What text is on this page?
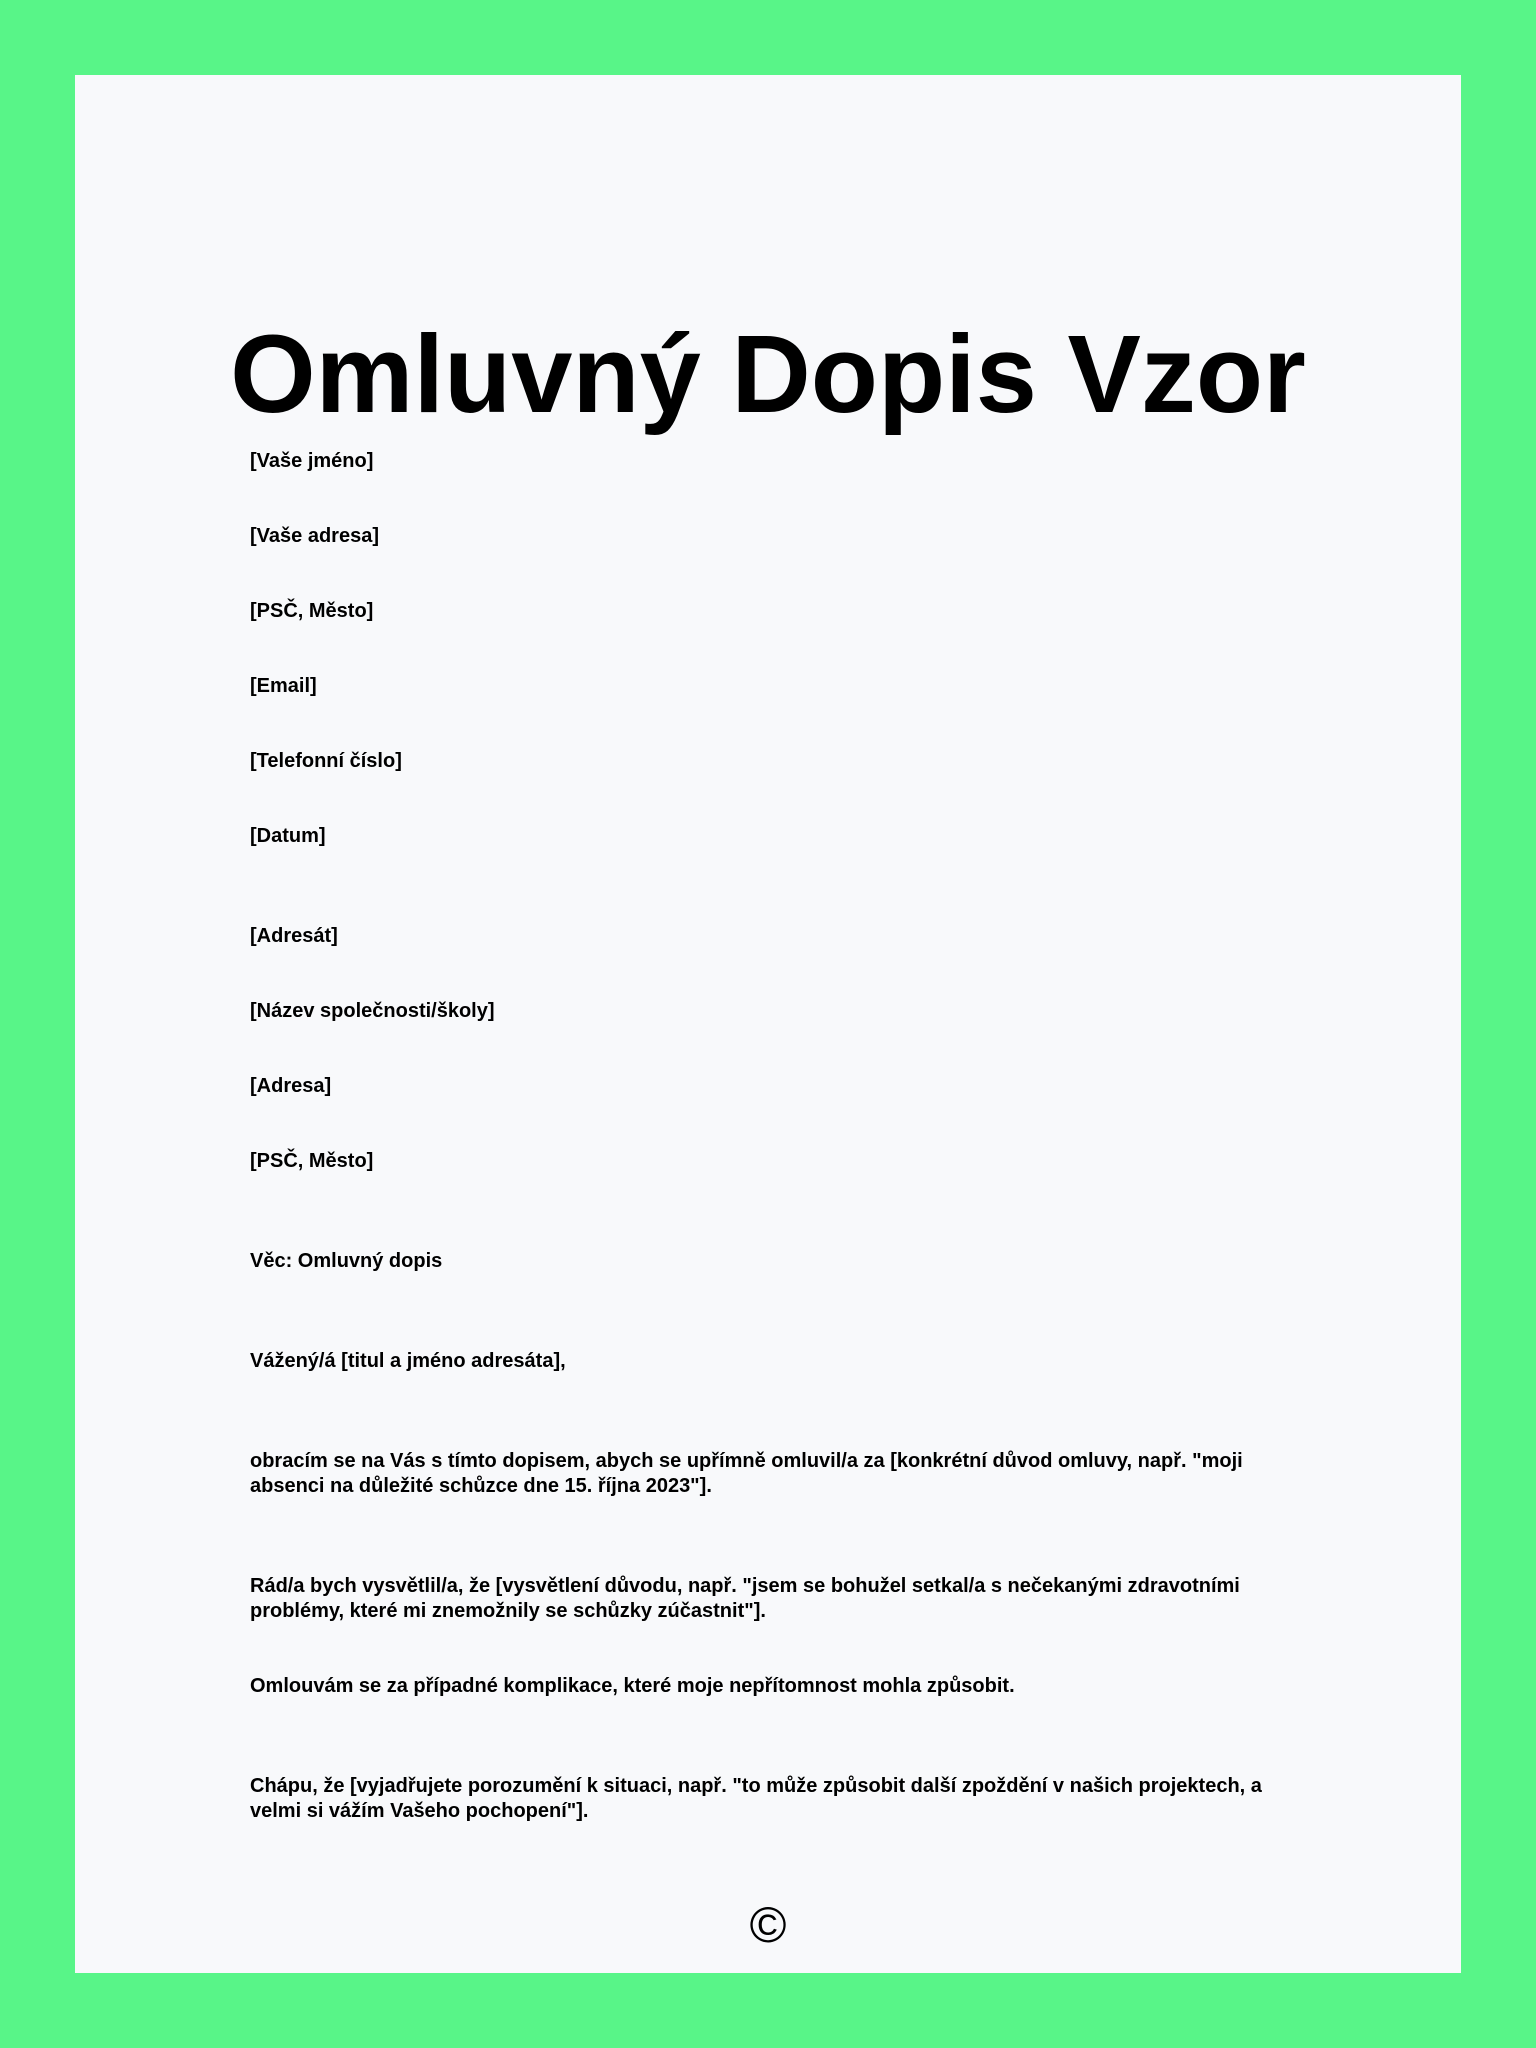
Omluvný Dopis Vzor

[Vaše jméno]

[Vaše adresa]

[PSČ, Město]

[Email]

[Telefonní číslo]

[Datum]

[Adresát]

[Název společnosti/školy]

[Adresa]

[PSČ, Město]

Věc: Omluvný dopis

Vážený/á [titul a jméno adresáta],

obracím se na Vás s tímto dopisem, abych se upřímně omluvil/a za [konkrétní důvod omluvy, např. "moji absenci na důležité schůzce dne 15. října 2023"].

Rád/a bych vysvětlil/a, že [vysvětlení důvodu, např. "jsem se bohužel setkal/a s nečekanými zdravotními problémy, které mi znemožnily se schůzky zúčastnit"].

Omlouvám se za případné komplikace, které moje nepřítomnost mohla způsobit.

Chápu, že [vyjadřujete porozumění k situaci, např. "to může způsobit další zpoždění v našich projektech, a velmi si vážím Vašeho pochopení"].

©
